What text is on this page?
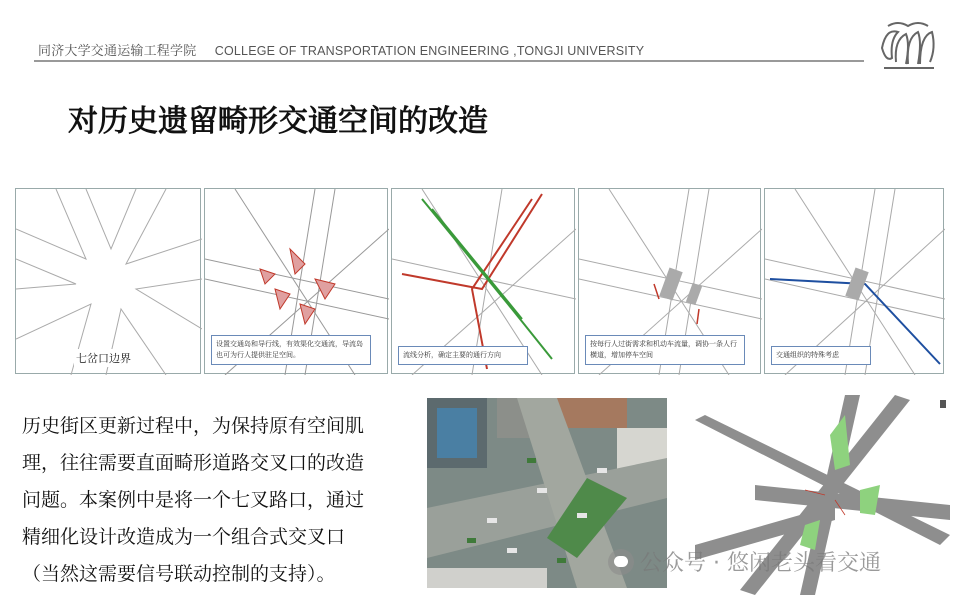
同济大学交通运输工程学院 COLLEGE OF TRANSPORTATION ENGINEERING ,TONGJI UNIVERSITY
对历史遗留畸形交通空间的改造
七岔口边界
设置交通岛和导行线，有效渠化交通流，导流岛也可为行人提供驻足空间。	流线分析，确定主要的通行方向
按每行人过街需求和机动车流量，调协一条人行横道，增加停车空间	交通组织的特殊考虑

历史街区更新过程中，为保持原有空间肌

理，往往需要直面畸形道路交叉口的改造

问题。本案例中是将一个七叉路口，通过

精细化设计改造成为一个组合式交叉口

（当然这需要信号联动控制的支持）。	公众号 · 悠闲老头看交通
